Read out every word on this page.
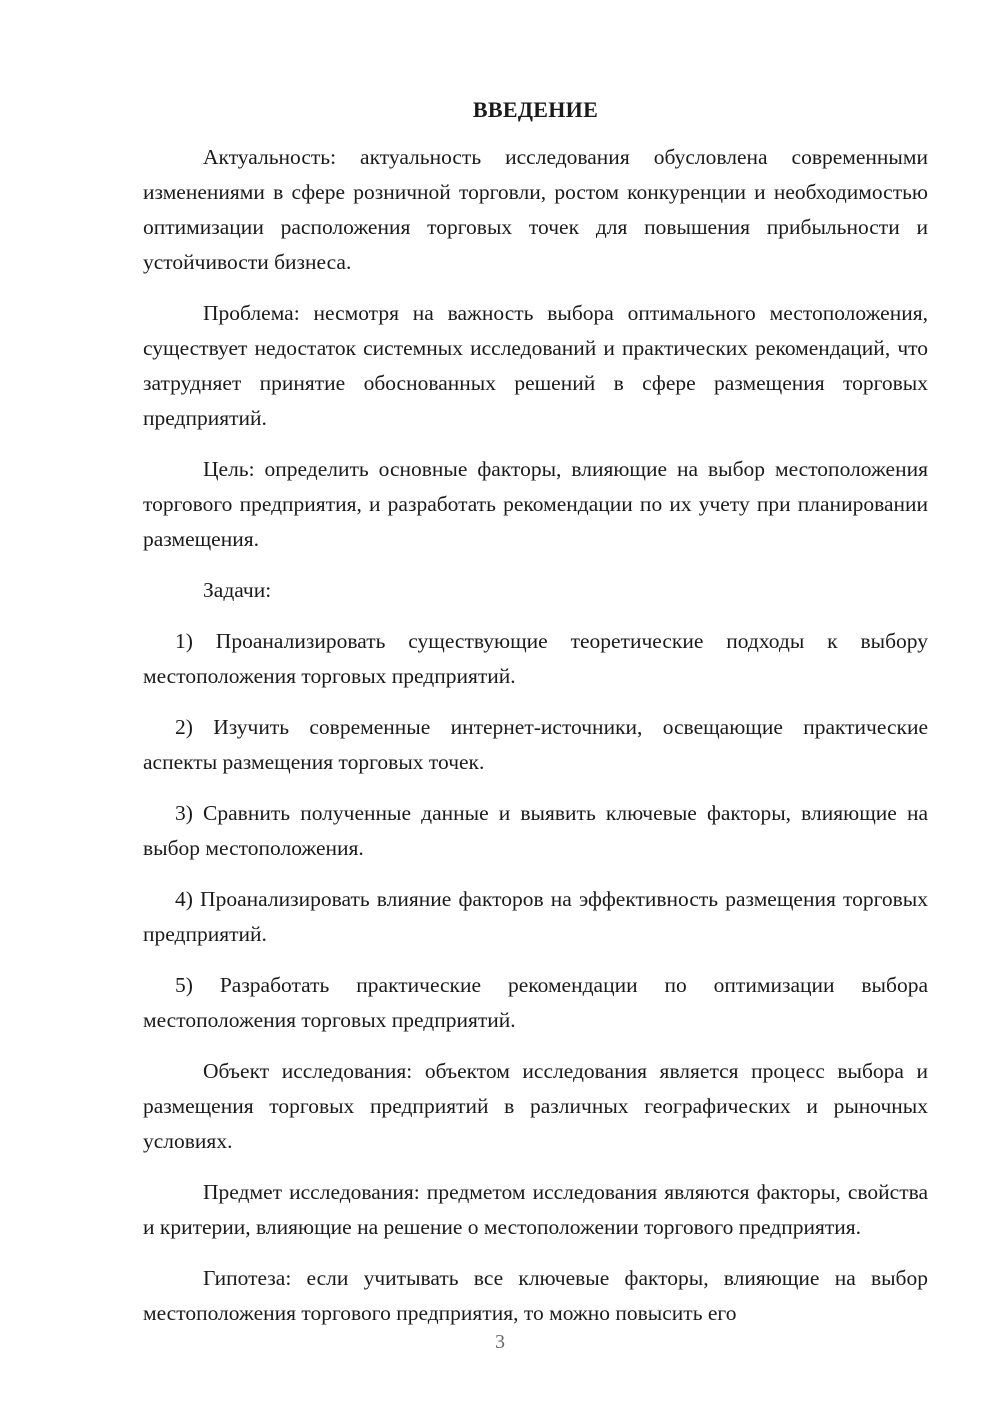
ВВЕДЕНИЕ

Актуальность: актуальность исследования обусловлена современными изменениями в сфере розничной торговли, ростом конкуренции и необходимостью оптимизации расположения торговых точек для повышения прибыльности и устойчивости бизнеса.

Проблема: несмотря на важность выбора оптимального местоположения, существует недостаток системных исследований и практических рекомендаций, что затрудняет принятие обоснованных решений в сфере размещения торговых предприятий.

Цель: определить основные факторы, влияющие на выбор местоположения торгового предприятия, и разработать рекомендации по их учету при планировании размещения.

Задачи:

1) Проанализировать существующие теоретические подходы к выбору местоположения торговых предприятий.

2) Изучить современные интернет-источники, освещающие практические аспекты размещения торговых точек.

3) Сравнить полученные данные и выявить ключевые факторы, влияющие на выбор местоположения.

4) Проанализировать влияние факторов на эффективность размещения торговых предприятий.

5) Разработать практические рекомендации по оптимизации выбора местоположения торговых предприятий.

Объект исследования: объектом исследования является процесс выбора и размещения торговых предприятий в различных географических и рыночных условиях.

Предмет исследования: предметом исследования являются факторы, свойства и критерии, влияющие на решение о местоположении торгового предприятия.

Гипотеза: если учитывать все ключевые факторы, влияющие на выбор местоположения торгового предприятия, то можно повысить его

3
